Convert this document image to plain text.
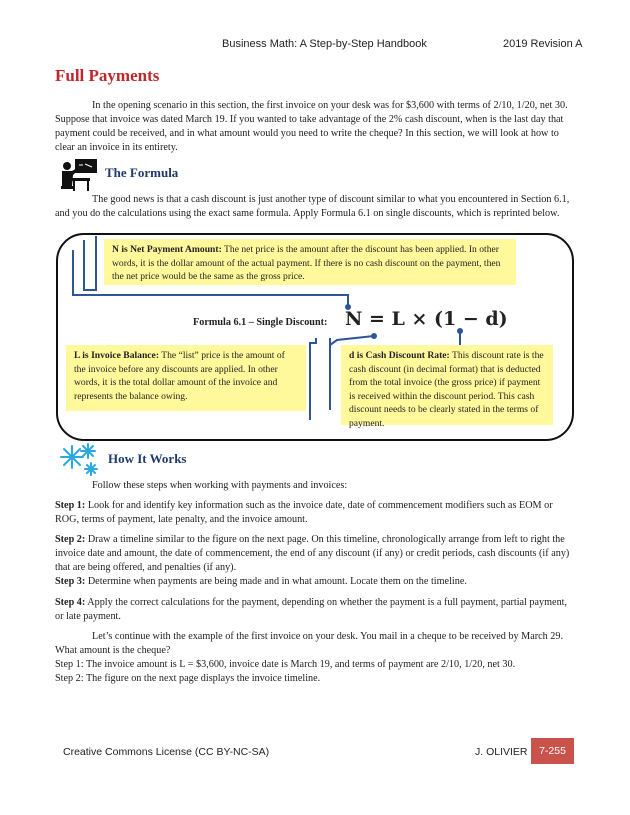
Business Math: A Step-by-Step Handbook	2019 Revision A
Full Payments
In the opening scenario in this section, the first invoice on your desk was for $3,600 with terms of 2/10, 1/20, net 30. Suppose that invoice was dated March 19. If you wanted to take advantage of the 2% cash discount, when is the last day that payment could be received, and in what amount would you need to write the cheque? In this section, we will look at how to clear an invoice in its entirety.
The Formula
The good news is that a cash discount is just another type of discount similar to what you encountered in Section 6.1, and you do the calculations using the exact same formula. Apply Formula 6.1 on single discounts, which is reprinted below.
N is Net Payment Amount: The net price is the amount after the discount has been applied. In other words, it is the dollar amount of the actual payment. If there is no cash discount on the payment, then the net price would be the same as the gross price.
Formula 6.1 – Single Discount: N = L × (1 − d)
L is Invoice Balance: The “list” price is the amount of the invoice before any discounts are applied. In other words, it is the total dollar amount of the invoice and represents the balance owing.
d is Cash Discount Rate: This discount rate is the cash discount (in decimal format) that is deducted from the total invoice (the gross price) if payment is received within the discount period. This cash discount needs to be clearly stated in the terms of payment.
How It Works
Follow these steps when working with payments and invoices:
Step 1: Look for and identify key information such as the invoice date, date of commencement modifiers such as EOM or ROG, terms of payment, late penalty, and the invoice amount.
Step 2: Draw a timeline similar to the figure on the next page. On this timeline, chronologically arrange from left to right the invoice date and amount, the date of commencement, the end of any discount (if any) or credit periods, cash discounts (if any) that are being offered, and penalties (if any).
Step 3: Determine when payments are being made and in what amount. Locate them on the timeline.
Step 4: Apply the correct calculations for the payment, depending on whether the payment is a full payment, partial payment, or late payment.
Let’s continue with the example of the first invoice on your desk. You mail in a cheque to be received by March 29. What amount is the cheque?
Step 1: The invoice amount is L = $3,600, invoice date is March 19, and terms of payment are 2/10, 1/20, net 30.
Step 2: The figure on the next page displays the invoice timeline.
Creative Commons License (CC BY-NC-SA)	J. OLIVIER	7-255
